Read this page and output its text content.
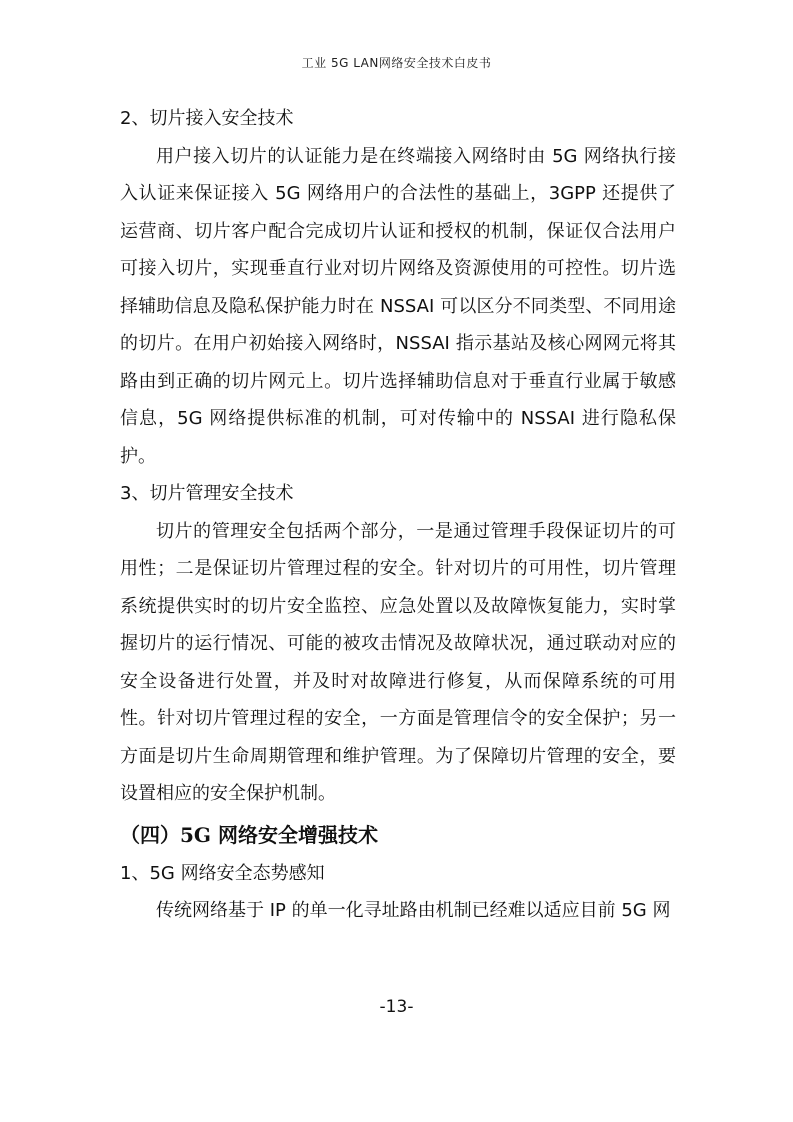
工业 5G LAN网络安全技术白皮书

2、切片接入安全技术

用户接入切片的认证能力是在终端接入网络时由 5G 网络执行接入认证来保证接入 5G 网络用户的合法性的基础上，3GPP 还提供了运营商、切片客户配合完成切片认证和授权的机制，保证仅合法用户可接入切片，实现垂直行业对切片网络及资源使用的可控性。切片选择辅助信息及隐私保护能力时在 NSSAI 可以区分不同类型、不同用途的切片。在用户初始接入网络时，NSSAI 指示基站及核心网网元将其路由到正确的切片网元上。切片选择辅助信息对于垂直行业属于敏感信息，5G 网络提供标准的机制，可对传输中的 NSSAI 进行隐私保护。

3、切片管理安全技术

切片的管理安全包括两个部分，一是通过管理手段保证切片的可用性；二是保证切片管理过程的安全。针对切片的可用性，切片管理系统提供实时的切片安全监控、应急处置以及故障恢复能力，实时掌握切片的运行情况、可能的被攻击情况及故障状况，通过联动对应的安全设备进行处置，并及时对故障进行修复，从而保障系统的可用性。针对切片管理过程的安全，一方面是管理信令的安全保护；另一方面是切片生命周期管理和维护管理。为了保障切片管理的安全，要设置相应的安全保护机制。

（四）5G 网络安全增强技术

1、5G 网络安全态势感知

传统网络基于 IP 的单一化寻址路由机制已经难以适应目前 5G 网

-13-
